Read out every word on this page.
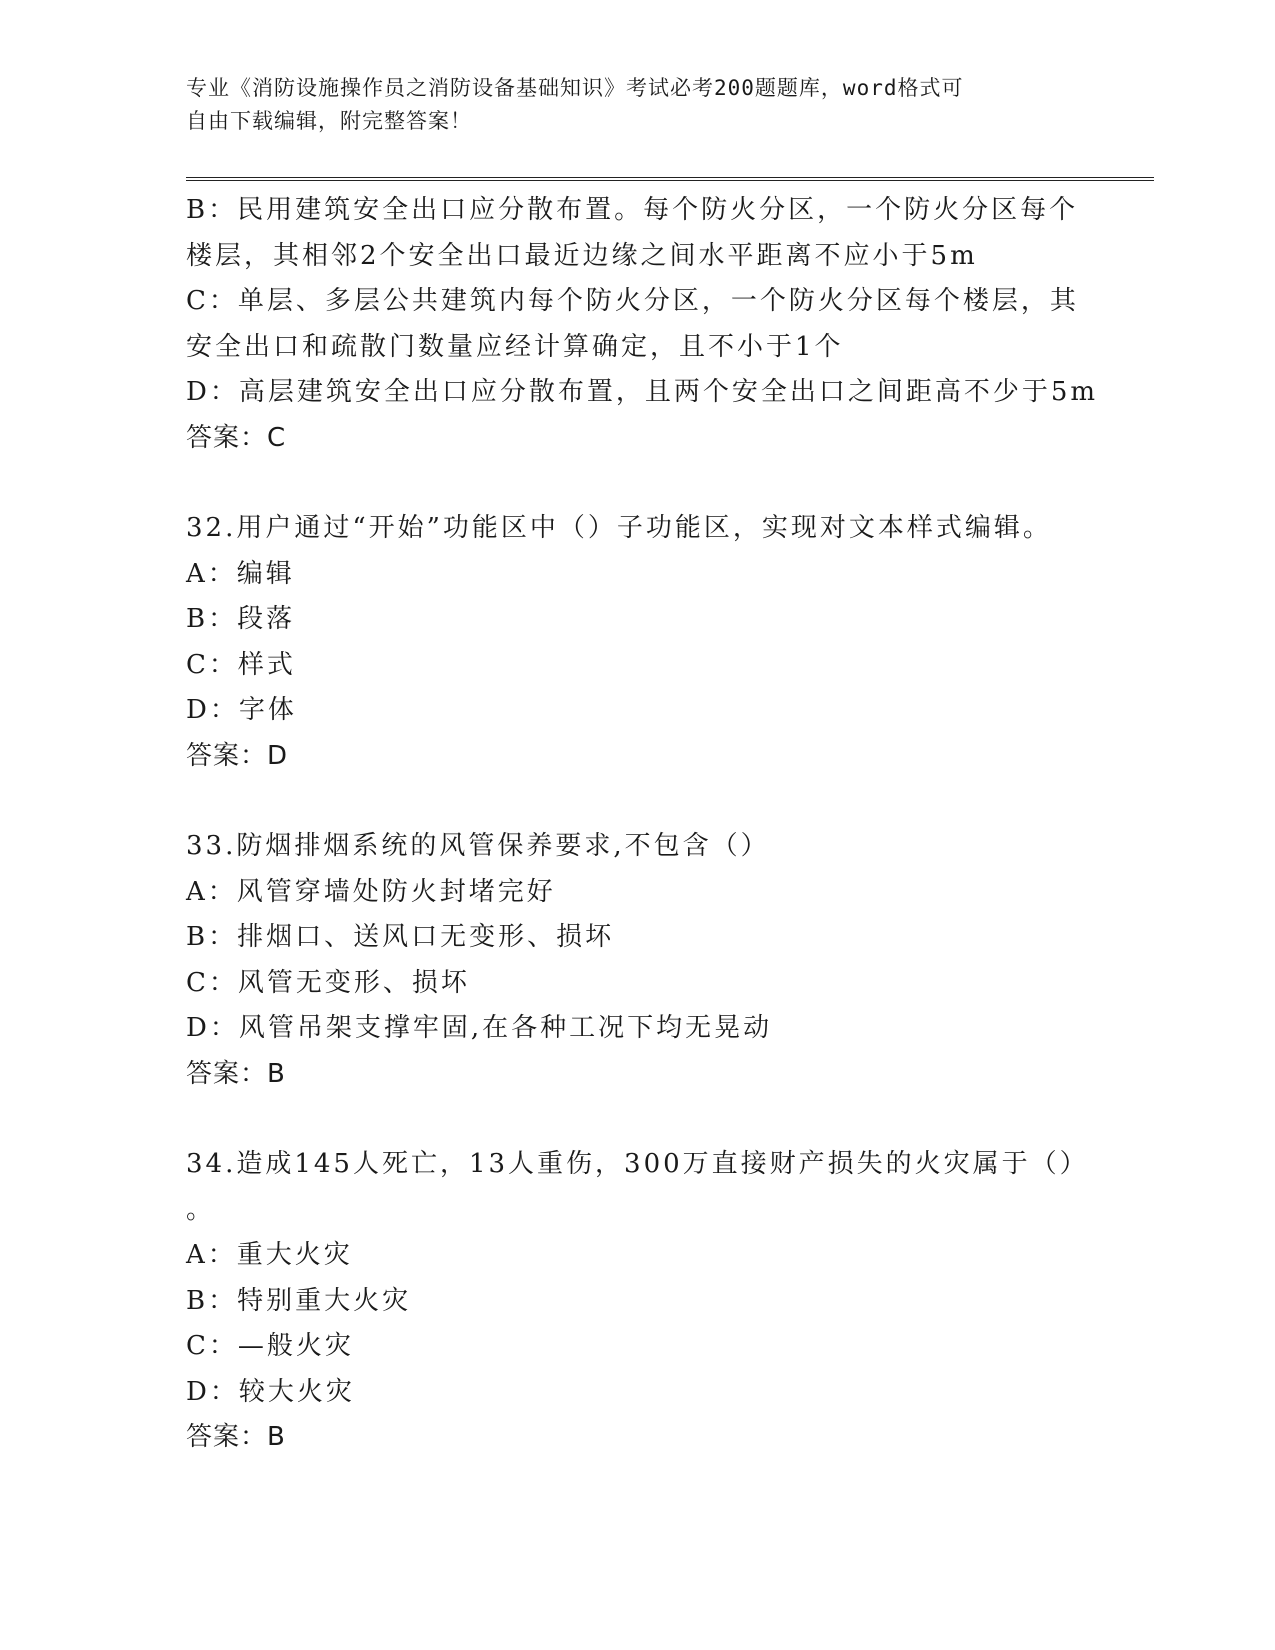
专业《消防设施操作员之消防设备基础知识》考试必考200题题库，word格式可
自由下载编辑，附完整答案！
B：民用建筑安全出口应分散布置。每个防火分区，一个防火分区每个
楼层，其相邻2个安全出口最近边缘之间水平距离不应小于5m
C：单层、多层公共建筑内每个防火分区，一个防火分区每个楼层，其
安全出口和疏散门数量应经计算确定，且不小于1个
D：高层建筑安全出口应分散布置，且两个安全出口之间距高不少于5m
答案：C
32.用户通过“开始”功能区中（）子功能区，实现对文本样式编辑。
A：编辑
B：段落
C：样式
D：字体
答案：D
33.防烟排烟系统的风管保养要求,不包含（）
A：风管穿墙处防火封堵完好
B：排烟口、送风口无变形、损坏
C：风管无变形、损坏
D：风管吊架支撑牢固,在各种工况下均无晃动
答案：B
34.造成145人死亡，13人重伤，300万直接财产损失的火灾属于（）
。
A：重大火灾
B：特别重大火灾
C：—般火灾
D：较大火灾
答案：B
